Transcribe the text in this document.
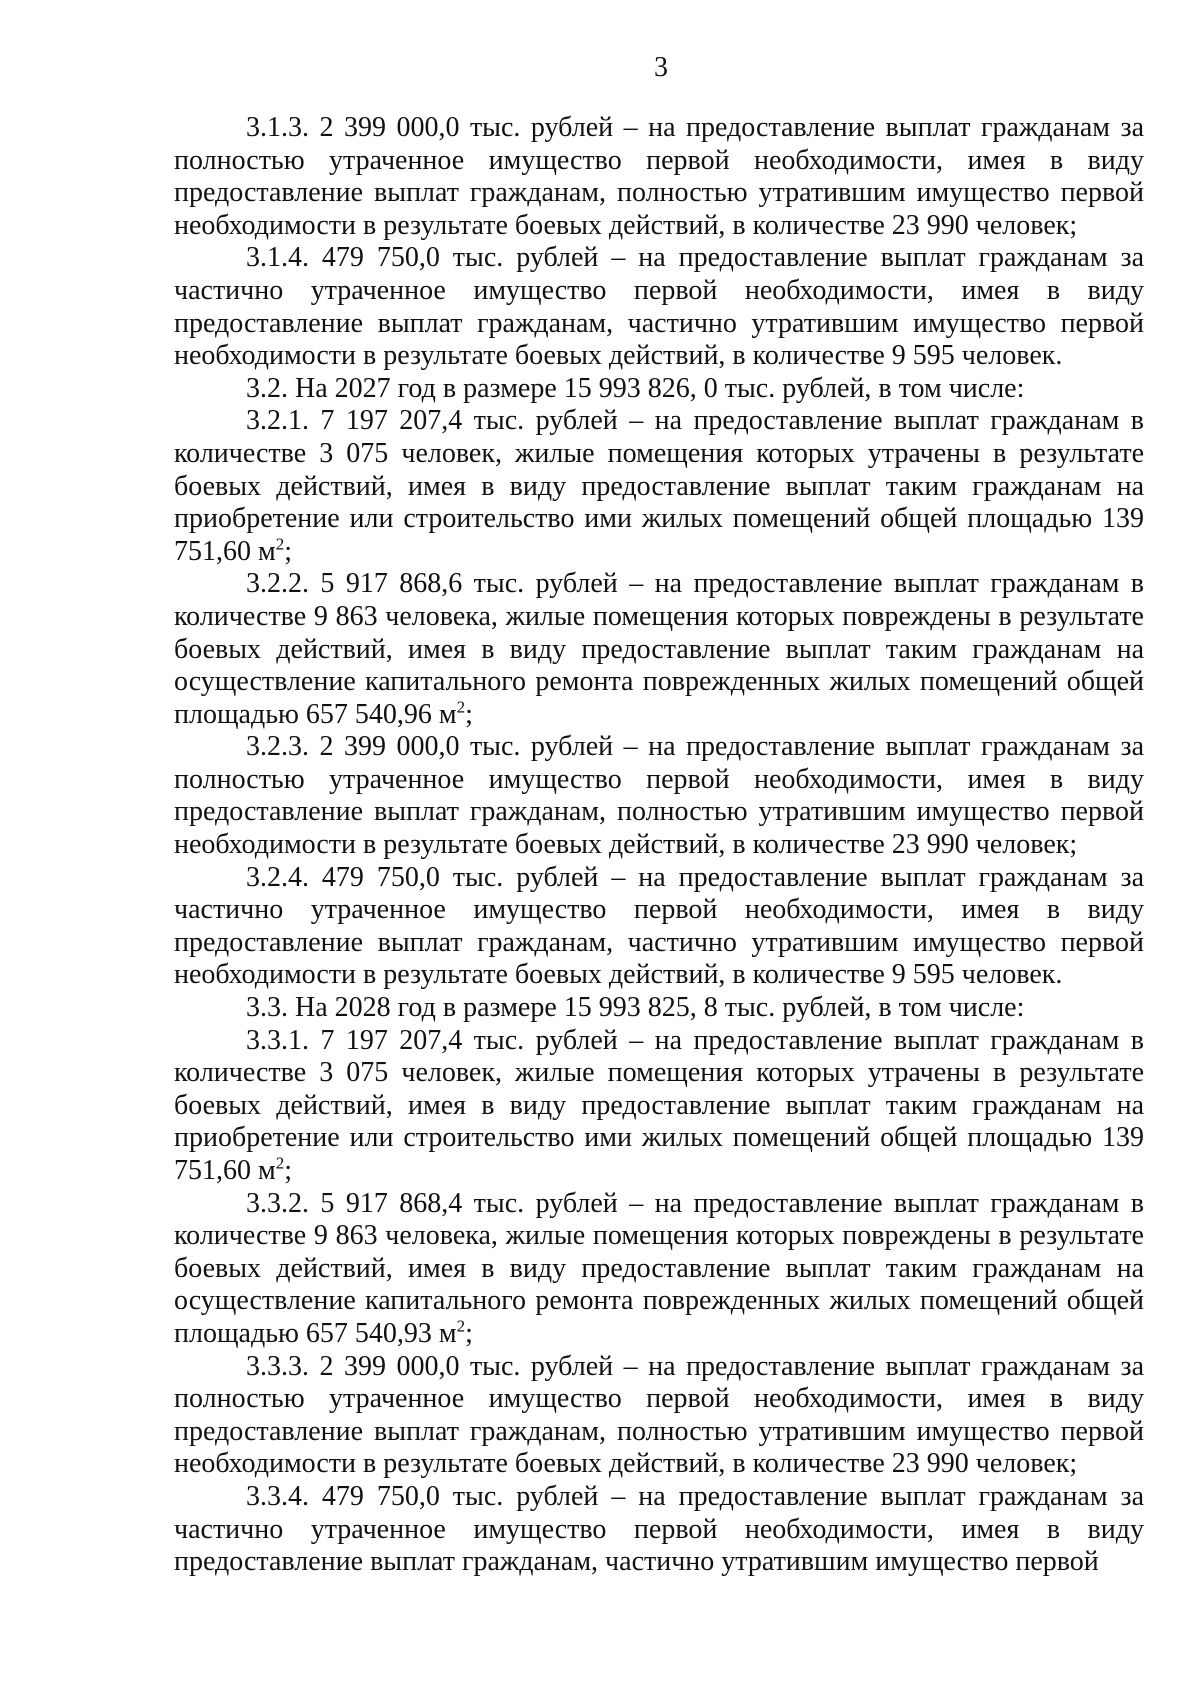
3

3.1.3. 2 399 000,0 тыс. рублей – на предоставление выплат гражданам за полностью утраченное имущество первой необходимости, имея в виду предоставление выплат гражданам, полностью утратившим имущество первой необходимости в результате боевых действий, в количестве 23 990 человек;

3.1.4. 479 750,0 тыс. рублей – на предоставление выплат гражданам за частично утраченное имущество первой необходимости, имея в виду предоставление выплат гражданам, частично утратившим имущество первой необходимости в результате боевых действий, в количестве 9 595 человек.

3.2. На 2027 год в размере 15 993 826, 0 тыс. рублей, в том числе:

3.2.1. 7 197 207,4 тыс. рублей – на предоставление выплат гражданам в количестве 3 075 человек, жилые помещения которых утрачены в результате боевых действий, имея в виду предоставление выплат таким гражданам на приобретение или строительство ими жилых помещений общей площадью 139 751,60 $м^2$;

3.2.2. 5 917 868,6 тыс. рублей – на предоставление выплат гражданам в количестве 9 863 человека, жилые помещения которых повреждены в результате боевых действий, имея в виду предоставление выплат таким гражданам на осуществление капитального ремонта поврежденных жилых помещений общей площадью 657 540,96 $м^2$;

3.2.3. 2 399 000,0 тыс. рублей – на предоставление выплат гражданам за полностью утраченное имущество первой необходимости, имея в виду предоставление выплат гражданам, полностью утратившим имущество первой необходимости в результате боевых действий, в количестве 23 990 человек;

3.2.4. 479 750,0 тыс. рублей – на предоставление выплат гражданам за частично утраченное имущество первой необходимости, имея в виду предоставление выплат гражданам, частично утратившим имущество первой необходимости в результате боевых действий, в количестве 9 595 человек.

3.3. На 2028 год в размере 15 993 825, 8 тыс. рублей, в том числе:

3.3.1. 7 197 207,4 тыс. рублей – на предоставление выплат гражданам в количестве 3 075 человек, жилые помещения которых утрачены в результате боевых действий, имея в виду предоставление выплат таким гражданам на приобретение или строительство ими жилых помещений общей площадью 139 751,60 $м^2$;

3.3.2. 5 917 868,4 тыс. рублей – на предоставление выплат гражданам в количестве 9 863 человека, жилые помещения которых повреждены в результате боевых действий, имея в виду предоставление выплат таким гражданам на осуществление капитального ремонта поврежденных жилых помещений общей площадью 657 540,93 $м^2$;

3.3.3. 2 399 000,0 тыс. рублей – на предоставление выплат гражданам за полностью утраченное имущество первой необходимости, имея в виду предоставление выплат гражданам, полностью утратившим имущество первой необходимости в результате боевых действий, в количестве 23 990 человек;

3.3.4. 479 750,0 тыс. рублей – на предоставление выплат гражданам за частично утраченное имущество первой необходимости, имея в виду предоставление выплат гражданам, частично утратившим имущество первой
